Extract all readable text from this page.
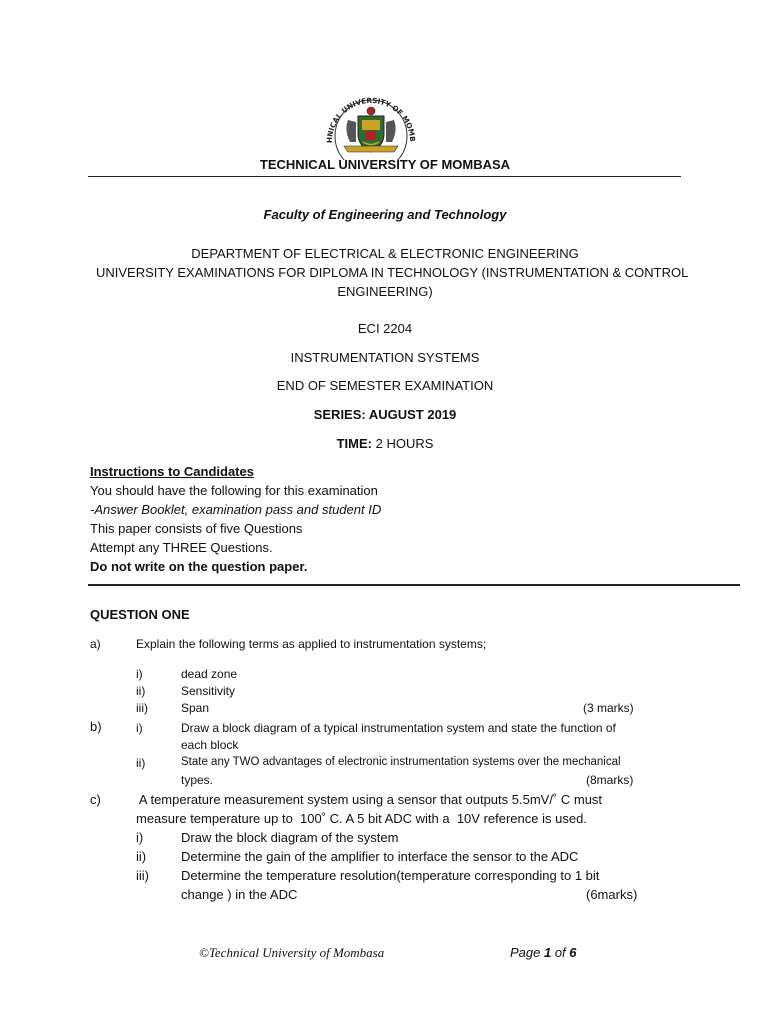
HNICAL UNIVERSITY OF MOMB
TECHNICAL UNIVERSITY OF MOMBASA
Faculty of Engineering and Technology
DEPARTMENT OF ELECTRICAL & ELECTRONIC ENGINEERING
UNIVERSITY EXAMINATIONS FOR DIPLOMA IN TECHNOLOGY (INSTRUMENTATION & CONTROL
ENGINEERING)
ECI 2204
INSTRUMENTATION SYSTEMS
END OF SEMESTER EXAMINATION
SERIES: AUGUST 2019
TIME: 2 HOURS
Instructions to Candidates
You should have the following for this examination
-Answer Booklet, examination pass and student ID
This paper consists of five Questions
Attempt any THREE Questions.
Do not write on the question paper.
QUESTION ONE
a)	Explain the following terms as applied to instrumentation systems;
i)	dead zone
ii)	Sensitivity
iii)	Span	(3 marks)
b)	i)	Draw a block diagram of a typical instrumentation system and state the function of
each block
ii)	State any TWO advantages of electronic instrumentation systems over the mechanical
types.	(8marks)
c)	A temperature measurement system using a sensor that outputs 5.5mV/˚ C must
measure temperature up to  100˚ C. A 5 bit ADC with a  10V reference is used.
i)	Draw the block diagram of the system
ii)	Determine the gain of the amplifier to interface the sensor to the ADC
iii) Determine the temperature resolution(temperature corresponding to 1 bit
change ) in the ADC	(6marks)
©Technical University of Mombasa	Page 1 of 6
